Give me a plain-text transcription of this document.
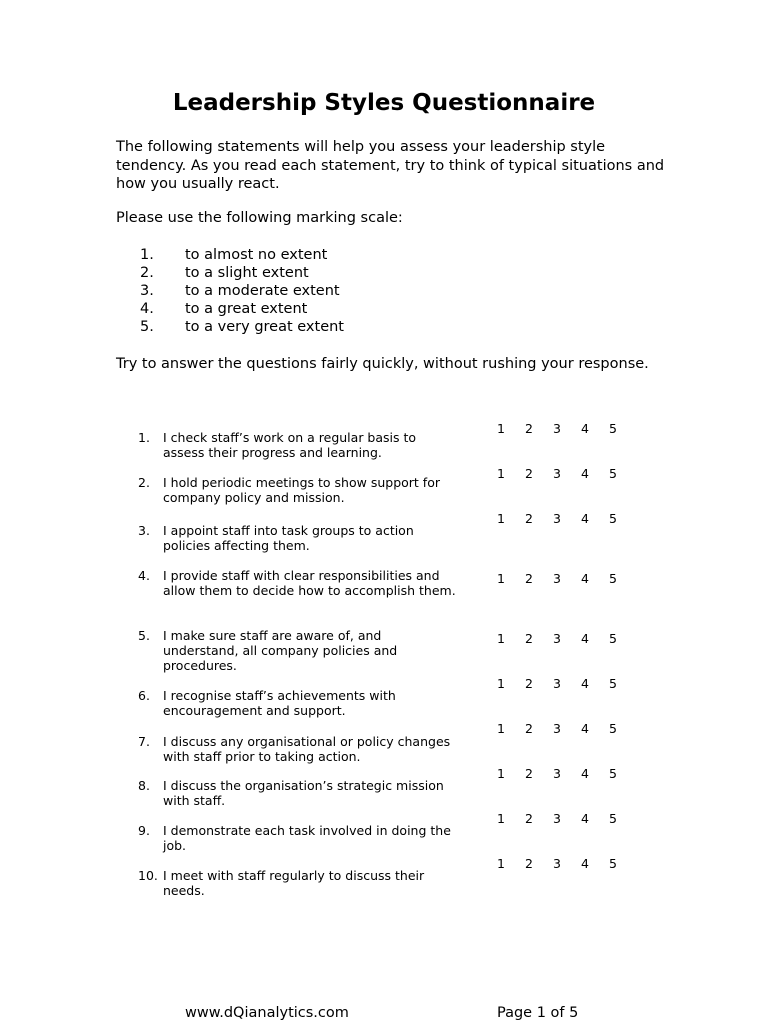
Leadership Styles Questionnaire
The following statements will help you assess your leadership style tendency. As you read each statement, try to think of typical situations and how you usually react.
Please use the following marking scale:
1.	to almost no extent
2.	to a slight extent
3.	to a moderate extent
4.	to a great extent
5.	to a very great extent
Try to answer the questions fairly quickly, without rushing your response.
1.	I check staff’s work on a regular basis to assess their progress and learning.
1	2	3	4	5
2.	I hold periodic meetings to show support for company policy and mission.
1	2	3	4	5
3.	I appoint staff into task groups to action policies affecting them.
1	2	3	4	5
4.	I provide staff with clear responsibilities and allow them to decide how to accomplish them.
1	2	3	4	5
5.	I make sure staff are aware of, and understand, all company policies and procedures.
1	2	3	4	5
6.	I recognise staff’s achievements with encouragement and support.
1	2	3	4	5
7.	I discuss any organisational or policy changes with staff prior to taking action.
1	2	3	4	5
8.	I discuss the organisation’s strategic mission with staff.
1	2	3	4	5
9.	I demonstrate each task involved in doing the job.
1	2	3	4	5
10. I meet with staff regularly to discuss their needs.
1	2	3	4	5
www.dQianalytics.com	Page 1 of 5
